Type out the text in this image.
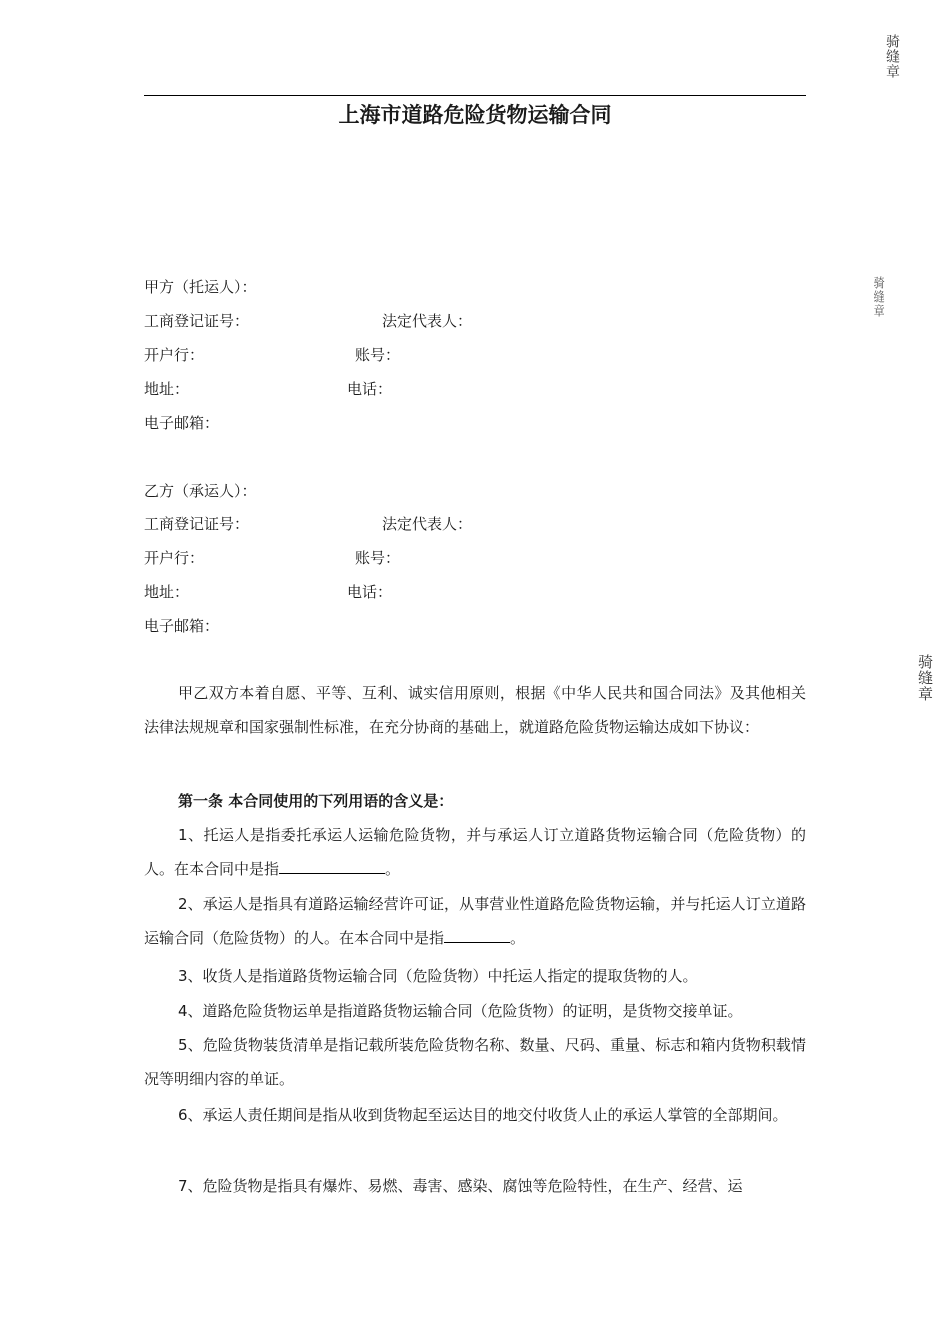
骑缝章
骑缝章
骑缝章
上海市道路危险货物运输合同
甲方（托运人）：
工商登记证号：	法定代表人：
开户行：	账号：
地址：	电话：
电子邮箱：
乙方（承运人）：
工商登记证号：	法定代表人：
开户行：	账号：
地址：	电话：
电子邮箱：
甲乙双方本着自愿、平等、互利、诚实信用原则，根据《中华人民共和国合同法》及其他相关法律法规规章和国家强制性标准，在充分协商的基础上，就道路危险货物运输达成如下协议：
第一条 本合同使用的下列用语的含义是：
1、托运人是指委托承运人运输危险货物，并与承运人订立道路货物运输合同（危险货物）的人。在本合同中是指	。
2、承运人是指具有道路运输经营许可证，从事营业性道路危险货物运输，并与托运人订立道路运输合同（危险货物）的人。在本合同中是指	。
3、收货人是指道路货物运输合同（危险货物）中托运人指定的提取货物的人。
4、道路危险货物运单是指道路货物运输合同（危险货物）的证明，是货物交接单证。
5、危险货物装货清单是指记载所装危险货物名称、数量、尺码、重量、标志和箱内货物积载情况等明细内容的单证。
6、承运人责任期间是指从收到货物起至运达目的地交付收货人止的承运人掌管的全部期间。
7、危险货物是指具有爆炸、易燃、毒害、感染、腐蚀等危险特性，在生产、经营、运
